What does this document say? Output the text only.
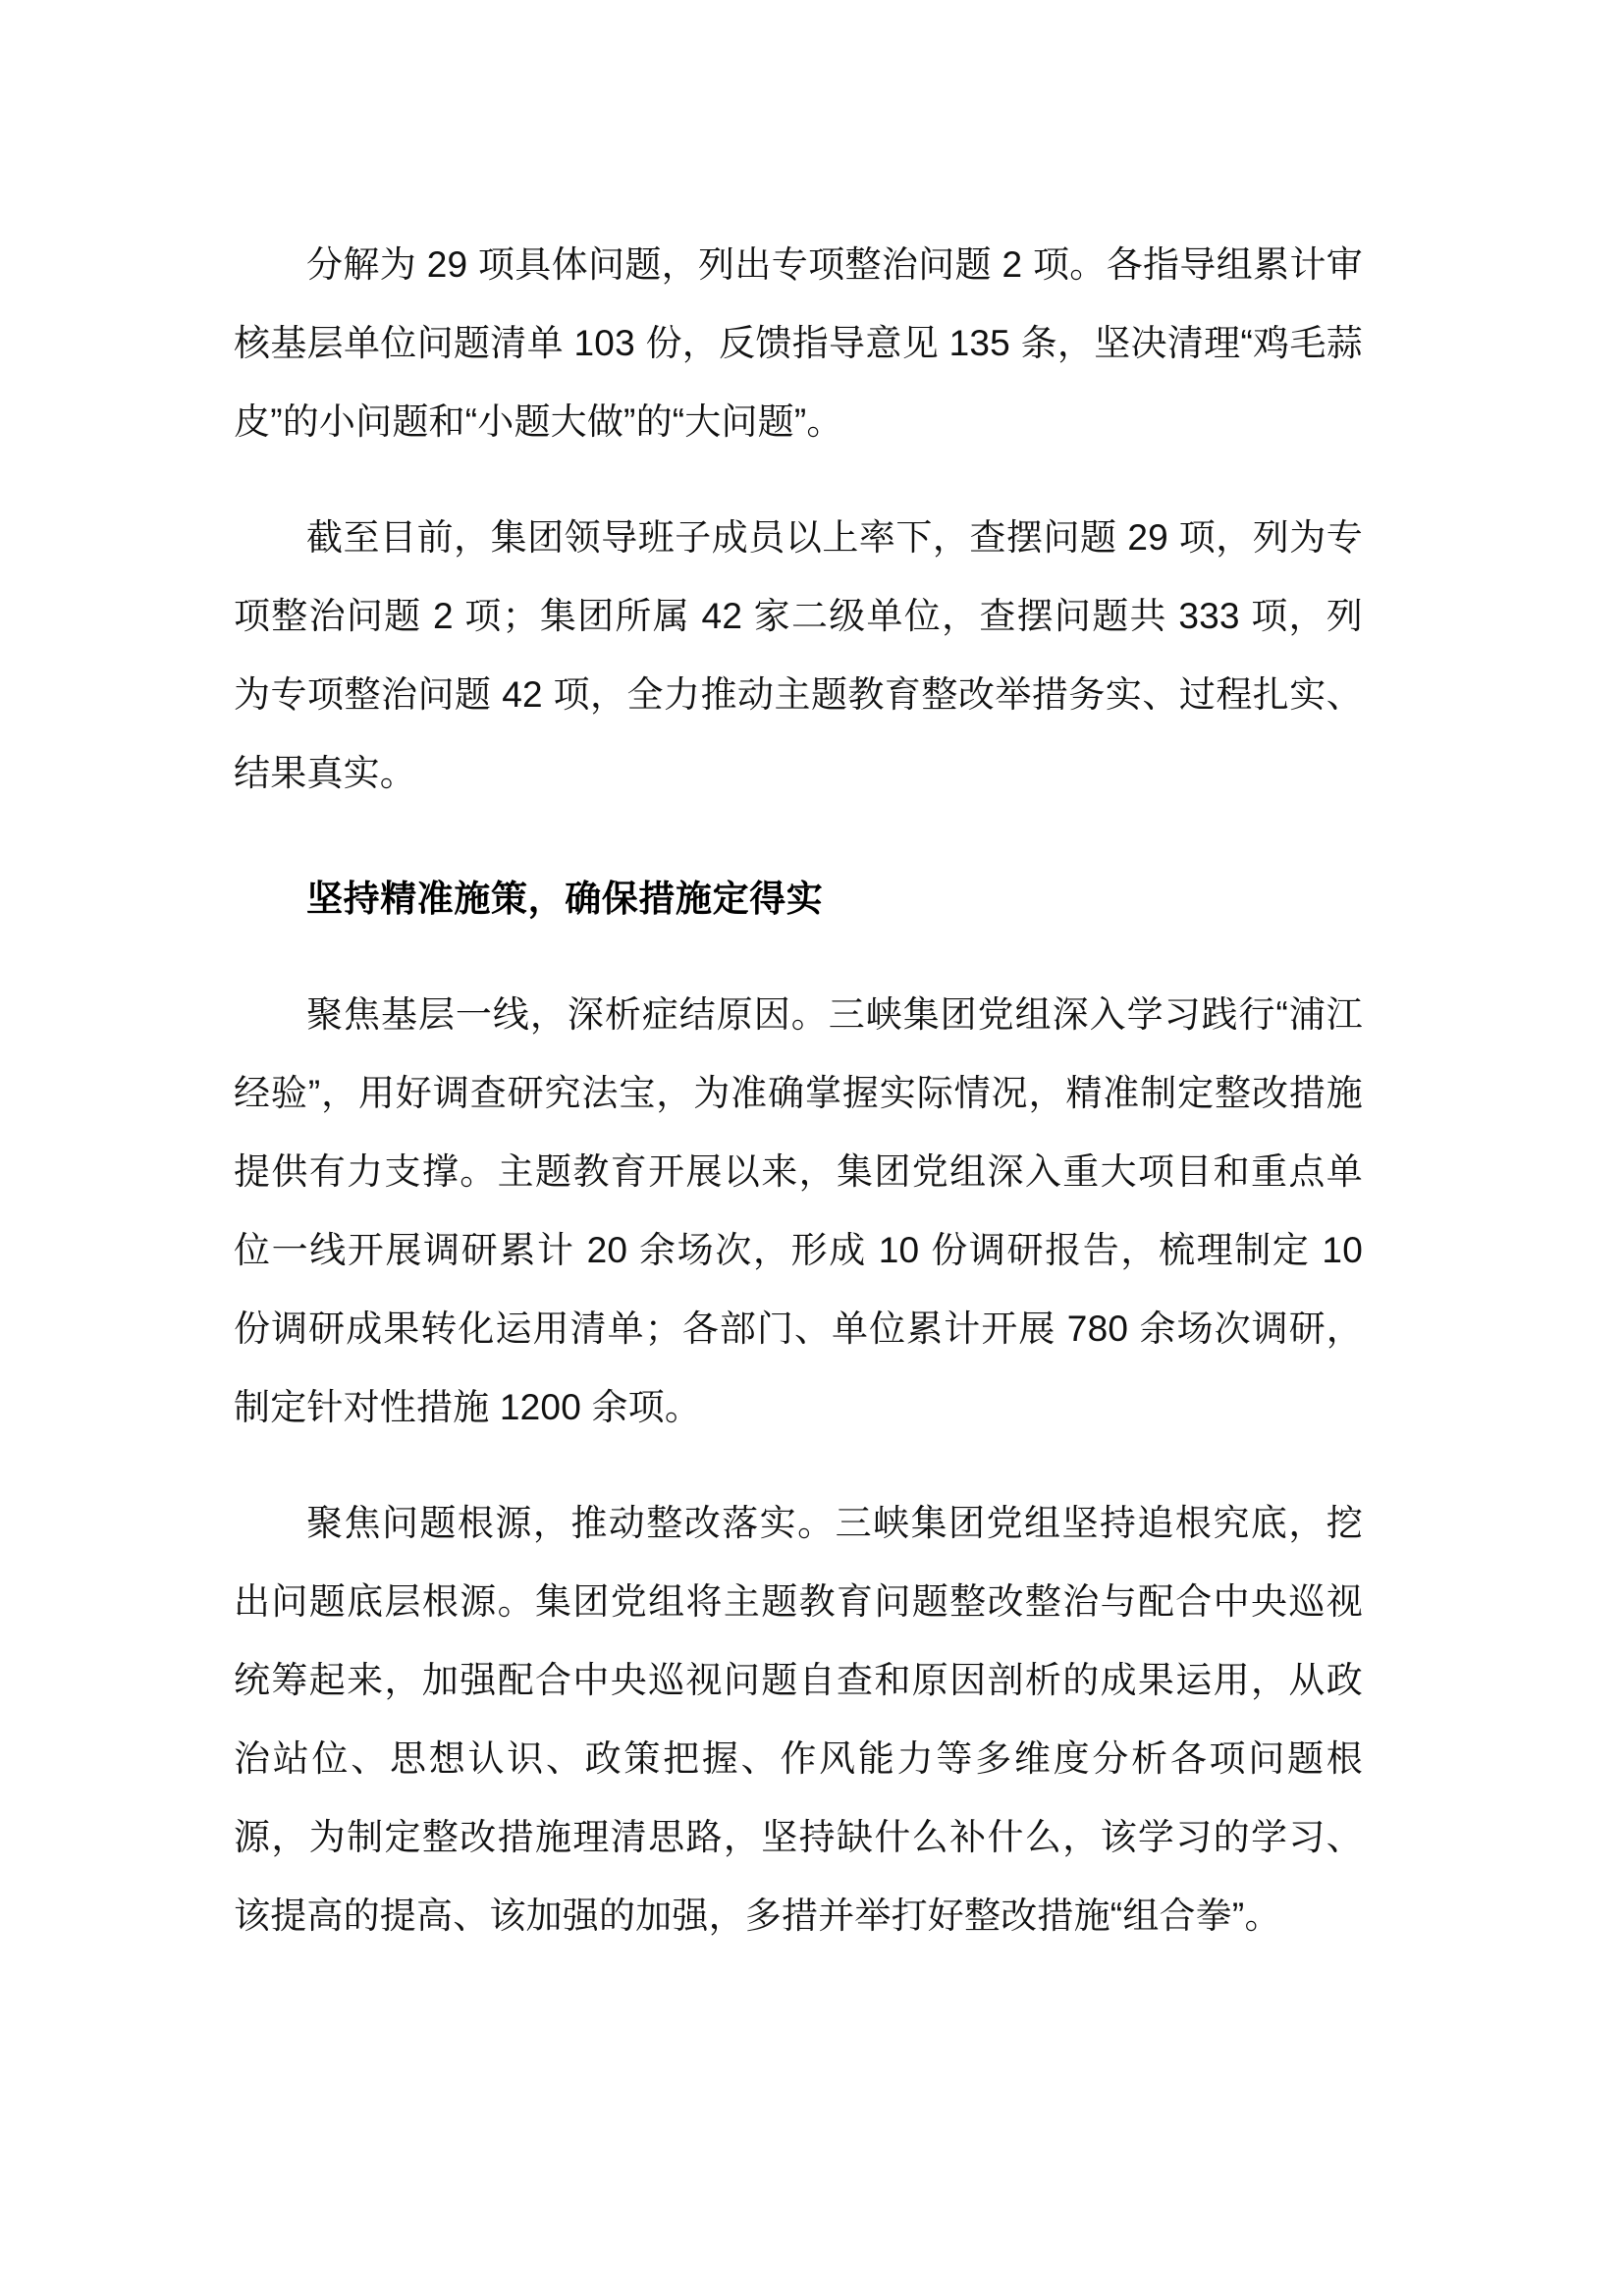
分解为 29 项具体问题，列出专项整治问题 2 项。各指导组累计审核基层单位问题清单 103 份，反馈指导意见 135 条，坚决清理“鸡毛蒜皮”的小问题和“小题大做”的“大问题”。

截至目前，集团领导班子成员以上率下，查摆问题 29 项，列为专项整治问题 2 项；集团所属 42 家二级单位，查摆问题共 333 项，列为专项整治问题 42 项，全力推动主题教育整改举措务实、过程扎实、结果真实。

坚持精准施策，确保措施定得实

聚焦基层一线，深析症结原因。三峡集团党组深入学习践行“浦江经验”，用好调查研究法宝，为准确掌握实际情况，精准制定整改措施提供有力支撑。主题教育开展以来，集团党组深入重大项目和重点单位一线开展调研累计 20 余场次，形成 10 份调研报告，梳理制定 10 份调研成果转化运用清单；各部门、单位累计开展 780 余场次调研，制定针对性措施 1200 余项。

聚焦问题根源，推动整改落实。三峡集团党组坚持追根究底，挖出问题底层根源。集团党组将主题教育问题整改整治与配合中央巡视统筹起来，加强配合中央巡视问题自查和原因剖析的成果运用，从政治站位、思想认识、政策把握、作风能力等多维度分析各项问题根源，为制定整改措施理清思路，坚持缺什么补什么，该学习的学习、该提高的提高、该加强的加强，多措并举打好整改措施“组合拳”。
